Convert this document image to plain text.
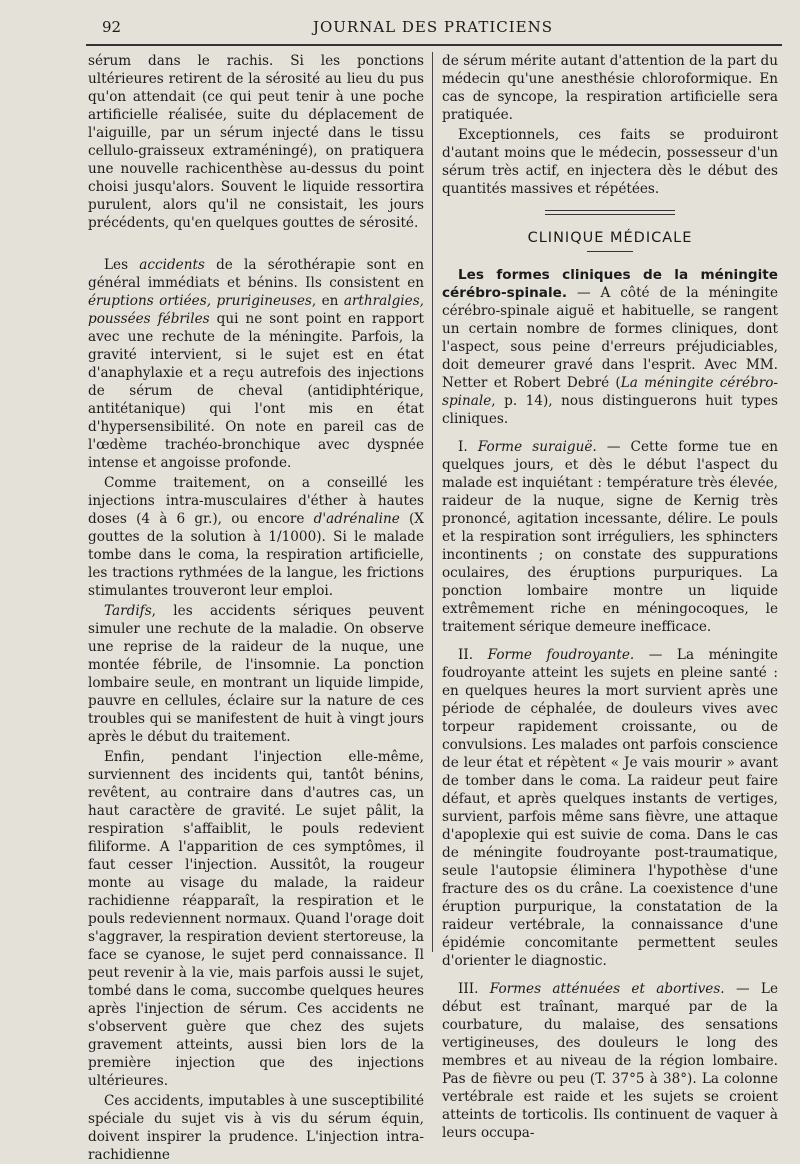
92	JOURNAL DES PRATICIENS

sérum dans le rachis. Si les ponctions ultérieures retirent de la sérosité au lieu du pus qu'on attendait (ce qui peut tenir à une poche artificielle réalisée, suite du déplacement de l'aiguille, par un sérum injecté dans le tissu cellulo-graisseux extraméningé), on pratiquera une nouvelle rachicenthèse au-dessus du point choisi jusqu'alors. Souvent le liquide ressortira purulent, alors qu'il ne consistait, les jours précédents, qu'en quelques gouttes de sérosité.

Les accidents de la sérothérapie sont en général immédiats et bénins. Ils consistent en éruptions ortiées, prurigineuses, en arthralgies, poussées fébriles qui ne sont point en rapport avec une rechute de la méningite. Parfois, la gravité intervient, si le sujet est en état d'anaphylaxie et a reçu autrefois des injections de sérum de cheval (antidiphtérique, antitétanique) qui l'ont mis en état d'hypersensibilité. On note en pareil cas de l'œdème trachéo-bronchique avec dyspnée intense et angoisse profonde.

Comme traitement, on a conseillé les injections intra-musculaires d'éther à hautes doses (4 à 6 gr.), ou encore d'adrénaline (X gouttes de la solution à 1/1000). Si le malade tombe dans le coma, la respiration artificielle, les tractions rythmées de la langue, les frictions stimulantes trouveront leur emploi.

Tardifs, les accidents sériques peuvent simuler une rechute de la maladie. On observe une reprise de la raideur de la nuque, une montée fébrile, de l'insomnie. La ponction lombaire seule, en montrant un liquide limpide, pauvre en cellules, éclaire sur la nature de ces troubles qui se manifestent de huit à vingt jours après le début du traitement.

Enfin, pendant l'injection elle-même, surviennent des incidents qui, tantôt bénins, revêtent, au contraire dans d'autres cas, un haut caractère de gravité. Le sujet pâlit, la respiration s'affaiblit, le pouls redevient filiforme. A l'apparition de ces symptômes, il faut cesser l'injection. Aussitôt, la rougeur monte au visage du malade, la raideur rachidienne réapparaît, la respiration et le pouls redeviennent normaux. Quand l'orage doit s'aggraver, la respiration devient stertoreuse, la face se cyanose, le sujet perd connaissance. Il peut revenir à la vie, mais parfois aussi le sujet, tombé dans le coma, succombe quelques heures après l'injection de sérum. Ces accidents ne s'observent guère que chez des sujets gravement atteints, aussi bien lors de la première injection que des injections ultérieures.

Ces accidents, imputables à une susceptibilité spéciale du sujet vis à vis du sérum équin, doivent inspirer la prudence. L'injection intra-rachidienne

de sérum mérite autant d'attention de la part du médecin qu'une anesthésie chloroformique. En cas de syncope, la respiration artificielle sera pratiquée.

Exceptionnels, ces faits se produiront d'autant moins que le médecin, possesseur d'un sérum très actif, en injectera dès le début des quantités massives et répétées.

CLINIQUE MÉDICALE

Les formes cliniques de la méningite cérébro-spinale. — A côté de la méningite cérébro-spinale aiguë et habituelle, se rangent un certain nombre de formes cliniques, dont l'aspect, sous peine d'erreurs préjudiciables, doit demeurer gravé dans l'esprit. Avec MM. Netter et Robert Debré (La méningite cérébro-spinale, p. 14), nous distinguerons huit types cliniques.

I. Forme suraiguë. — Cette forme tue en quelques jours, et dès le début l'aspect du malade est inquiétant : température très élevée, raideur de la nuque, signe de Kernig très prononcé, agitation incessante, délire. Le pouls et la respiration sont irréguliers, les sphincters incontinents ; on constate des suppurations oculaires, des éruptions purpuriques. La ponction lombaire montre un liquide extrêmement riche en méningocoques, le traitement sérique demeure inefficace.

II. Forme foudroyante. — La méningite foudroyante atteint les sujets en pleine santé : en quelques heures la mort survient après une période de céphalée, de douleurs vives avec torpeur rapidement croissante, ou de convulsions. Les malades ont parfois conscience de leur état et répètent « Je vais mourir » avant de tomber dans le coma. La raideur peut faire défaut, et après quelques instants de vertiges, survient, parfois même sans fièvre, une attaque d'apoplexie qui est suivie de coma. Dans le cas de méningite foudroyante post-traumatique, seule l'autopsie éliminera l'hypothèse d'une fracture des os du crâne. La coexistence d'une éruption purpurique, la constatation de la raideur vertébrale, la connaissance d'une épidémie concomitante permettent seules d'orienter le diagnostic.

III. Formes atténuées et abortives. — Le début est traînant, marqué par de la courbature, du malaise, des sensations vertigineuses, des douleurs le long des membres et au niveau de la région lombaire. Pas de fièvre ou peu (T. 37°5 à 38°). La colonne vertébrale est raide et les sujets se croient atteints de torticolis. Ils continuent de vaquer à leurs occupa-
